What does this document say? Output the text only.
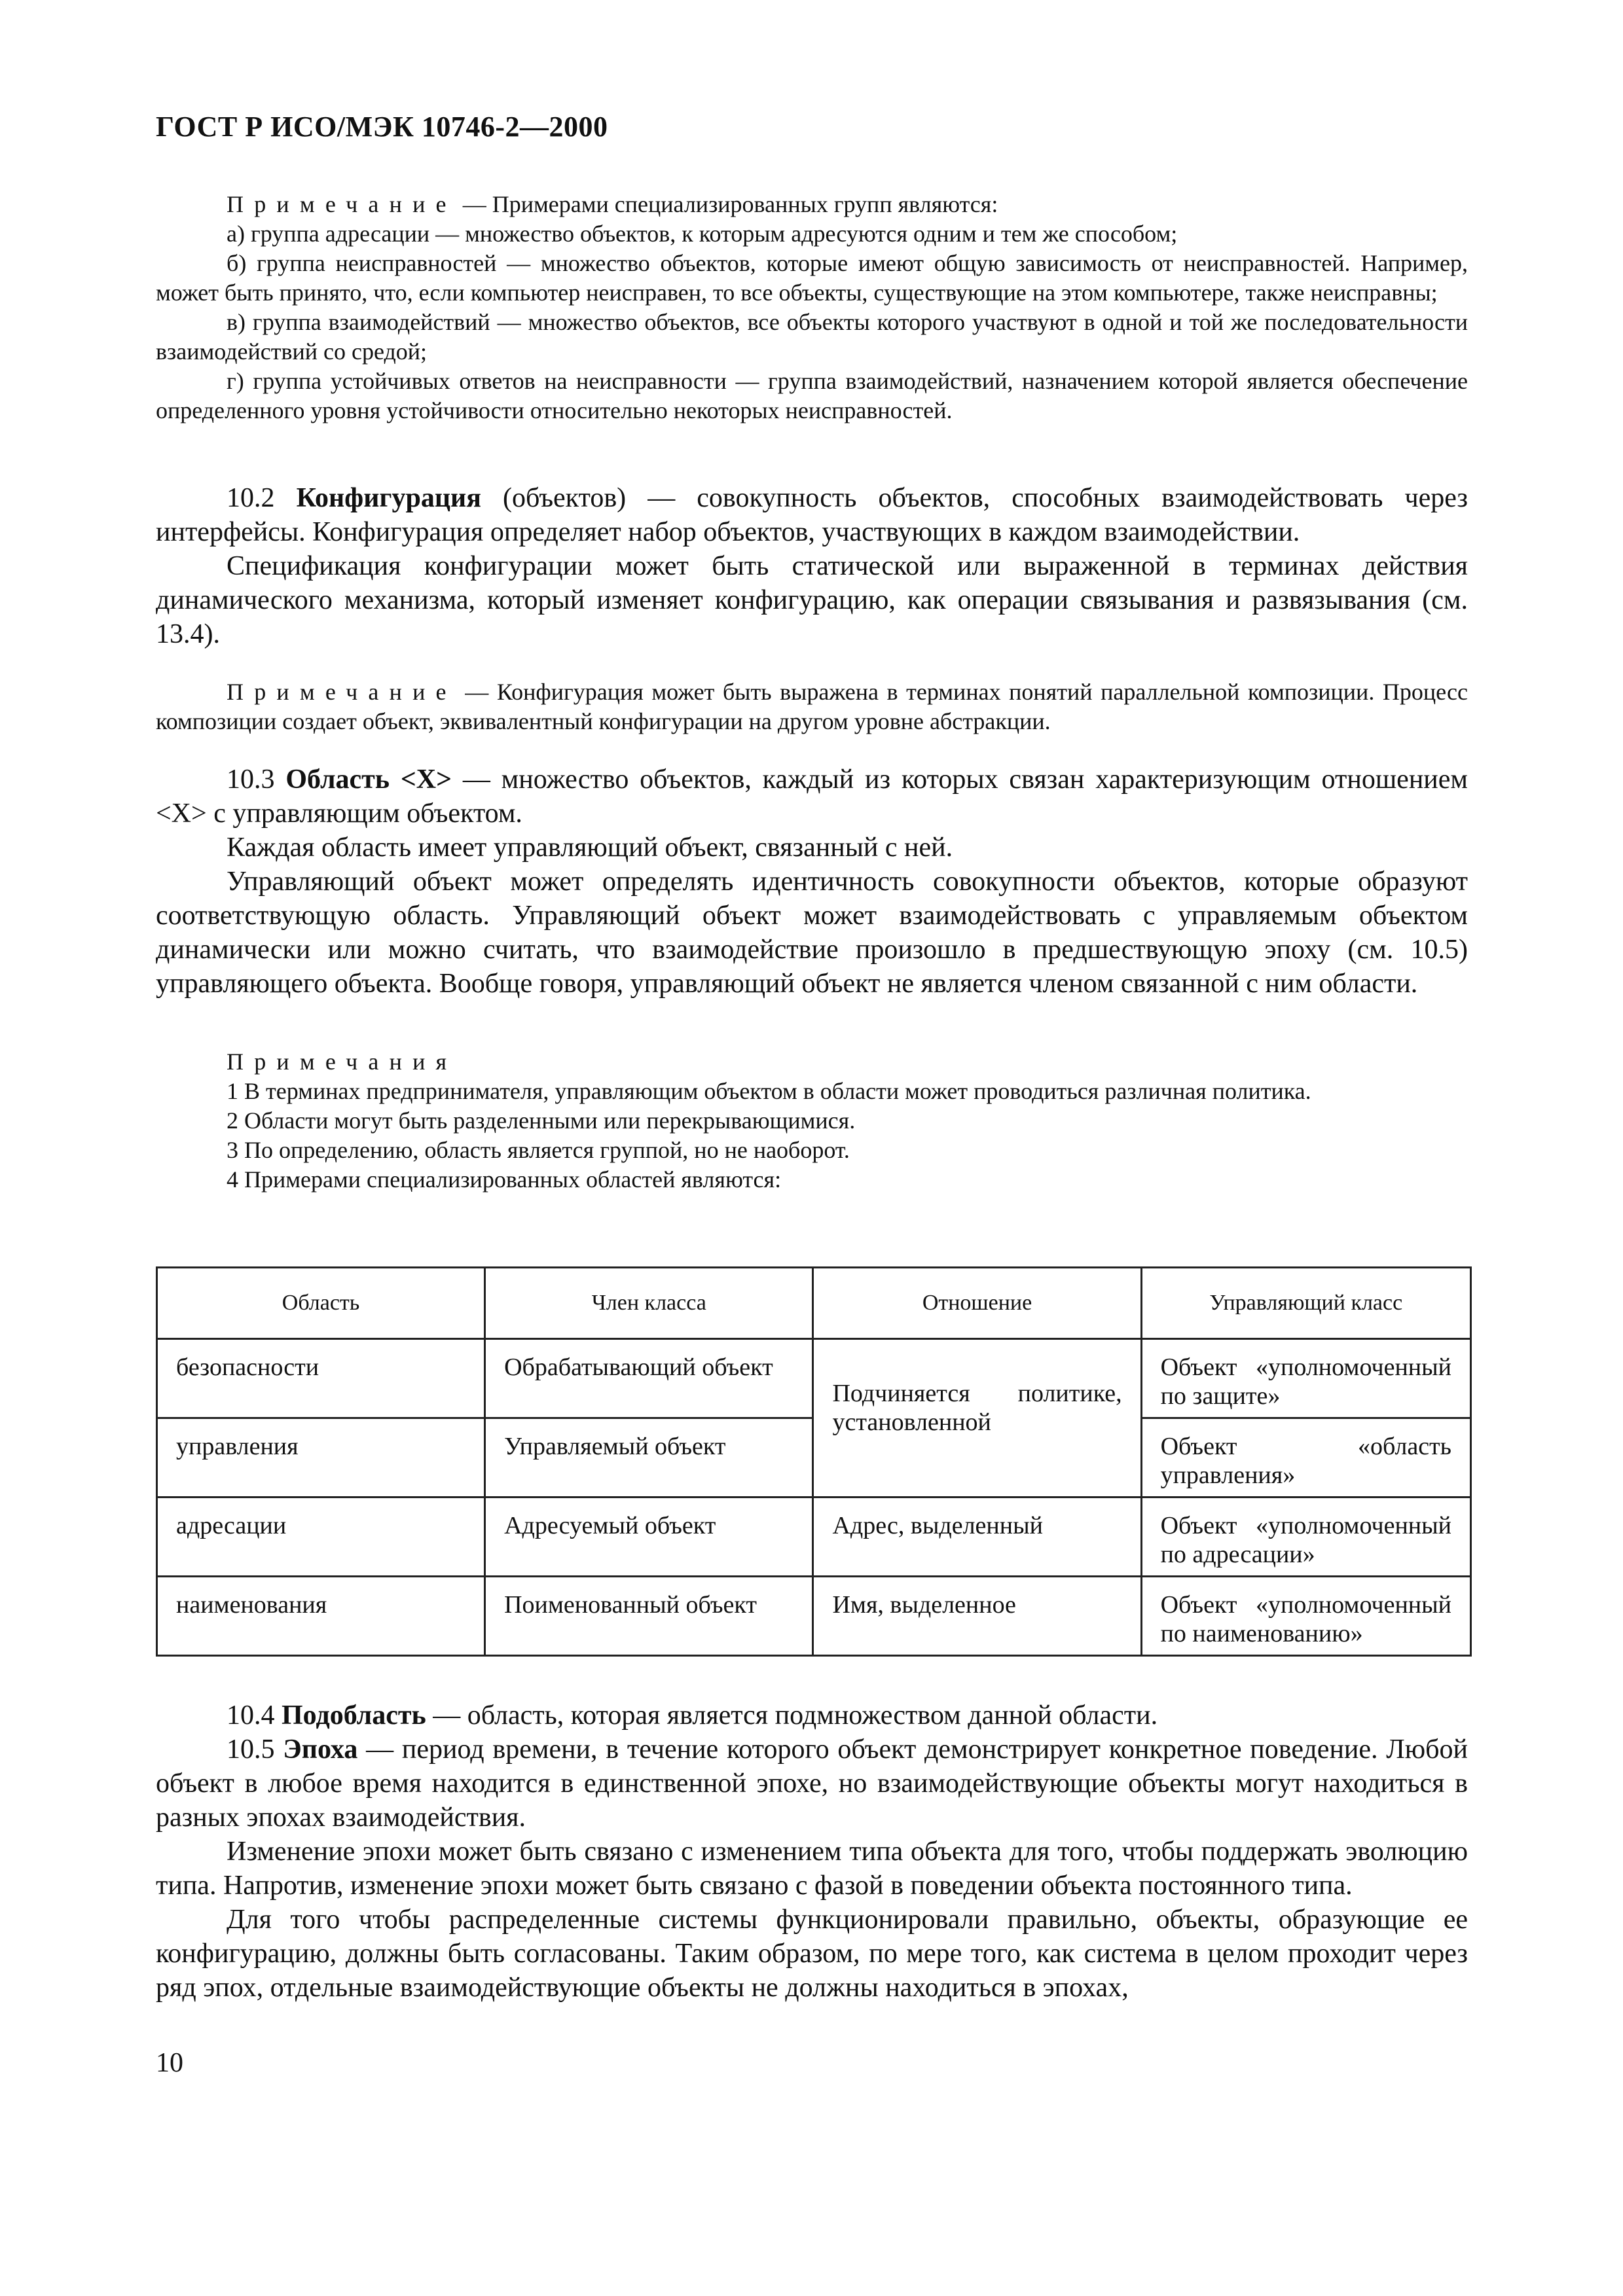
ГОСТ Р ИСО/МЭК 10746-2—2000

Примечание — Примерами специализированных групп являются:

а) группа адресации — множество объектов, к которым адресуются одним и тем же способом;

б) группа неисправностей — множество объектов, которые имеют общую зависимость от неисправностей. Например, может быть принято, что, если компьютер неисправен, то все объекты, существующие на этом компьютере, также неисправны;

в) группа взаимодействий — множество объектов, все объекты которого участвуют в одной и той же последовательности взаимодействий со средой;

г) группа устойчивых ответов на неисправности — группа взаимодействий, назначением которой является обеспечение определенного уровня устойчивости относительно некоторых неисправностей.

10.2 Конфигурация (объектов) — совокупность объектов, способных взаимодействовать через интерфейсы. Конфигурация определяет набор объектов, участвующих в каждом взаимодействии.

Спецификация конфигурации может быть статической или выраженной в терминах действия динамического механизма, который изменяет конфигурацию, как операции связывания и развязывания (см. 13.4).

Примечание — Конфигурация может быть выражена в терминах понятий параллельной композиции. Процесс композиции создает объект, эквивалентный конфигурации на другом уровне абстракции.

10.3 Область <Х> — множество объектов, каждый из которых связан характеризующим отношением <Х> с управляющим объектом.

Каждая область имеет управляющий объект, связанный с ней.

Управляющий объект может определять идентичность совокупности объектов, которые образуют соответствующую область. Управляющий объект может взаимодействовать с управляемым объектом динамически или можно считать, что взаимодействие произошло в предшествующую эпоху (см. 10.5) управляющего объекта. Вообще говоря, управляющий объект не является членом связанной с ним области.

Примечания

1 В терминах предпринимателя, управляющим объектом в области может проводиться различная политика.

2 Области могут быть разделенными или перекрывающимися.

3 По определению, область является группой, но не наоборот.

4 Примерами специализированных областей являются:

Область	Член класса	Отношение	Управляющий класс
безопасности	Обрабатывающий объект	Подчиняется политике, установленной	Объект «уполномоченный по защите»
управления	Управляемый объект		Объект «область управления»
адресации	Адресуемый объект	Адрес, выделенный	Объект «уполномоченный по адресации»
наименования	Поименованный объект	Имя, выделенное	Объект «уполномоченный по наименованию»

10.4 Подобласть — область, которая является подмножеством данной области.

10.5 Эпоха — период времени, в течение которого объект демонстрирует конкретное поведение. Любой объект в любое время находится в единственной эпохе, но взаимодействующие объекты могут находиться в разных эпохах взаимодействия.

Изменение эпохи может быть связано с изменением типа объекта для того, чтобы поддержать эволюцию типа. Напротив, изменение эпохи может быть связано с фазой в поведении объекта постоянного типа.

Для того чтобы распределенные системы функционировали правильно, объекты, образующие ее конфигурацию, должны быть согласованы. Таким образом, по мере того, как система в целом проходит через ряд эпох, отдельные взаимодействующие объекты не должны находиться в эпохах,

10
